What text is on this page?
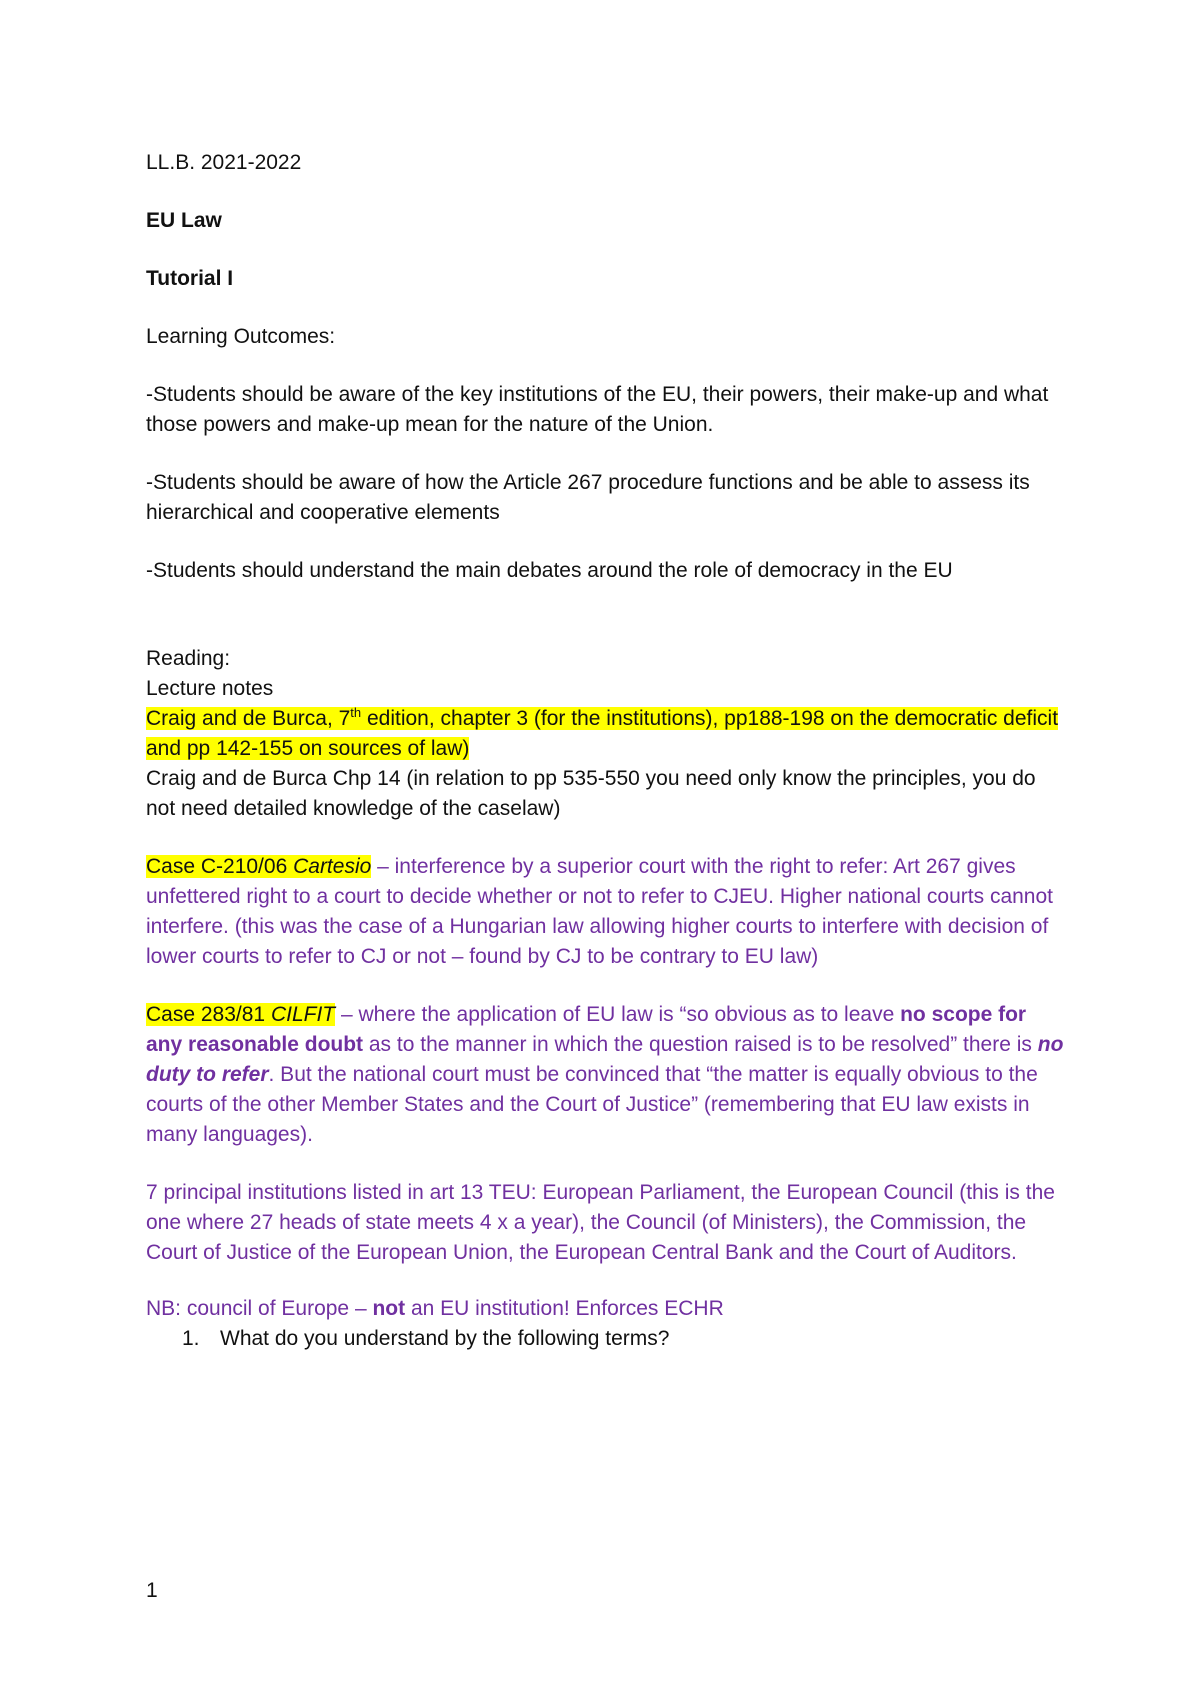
LL.B. 2021-2022

EU Law

Tutorial I

Learning Outcomes:

-Students should be aware of the key institutions of the EU, their powers, their make-up and what those powers and make-up mean for the nature of the Union.

-Students should be aware of how the Article 267 procedure functions and be able to assess its hierarchical and cooperative elements

-Students should understand the main debates around the role of democracy in the EU

Reading:

Lecture notes

Craig and de Burca, 7th edition, chapter 3 (for the institutions), pp188-198 on the democratic deficit and pp 142-155 on sources of law)

Craig and de Burca Chp 14 (in relation to pp 535-550 you need only know the principles, you do not need detailed knowledge of the caselaw)

Case C-210/06 Cartesio – interference by a superior court with the right to refer: Art 267 gives unfettered right to a court to decide whether or not to refer to CJEU. Higher national courts cannot interfere. (this was the case of a Hungarian law allowing higher courts to interfere with decision of lower courts to refer to CJ or not – found by CJ to be contrary to EU law)

Case 283/81 CILFIT – where the application of EU law is “so obvious as to leave no scope for any reasonable doubt as to the manner in which the question raised is to be resolved” there is no duty to refer. But the national court must be convinced that “the matter is equally obvious to the courts of the other Member States and the Court of Justice” (remembering that EU law exists in many languages).

7 principal institutions listed in art 13 TEU: European Parliament, the European Council (this is the one where 27 heads of state meets 4 x a year), the Council (of Ministers), the Commission, the Court of Justice of the European Union, the European Central Bank and the Court of Auditors.

NB: council of Europe – not an EU institution! Enforces ECHR

1. What do you understand by the following terms?
1
